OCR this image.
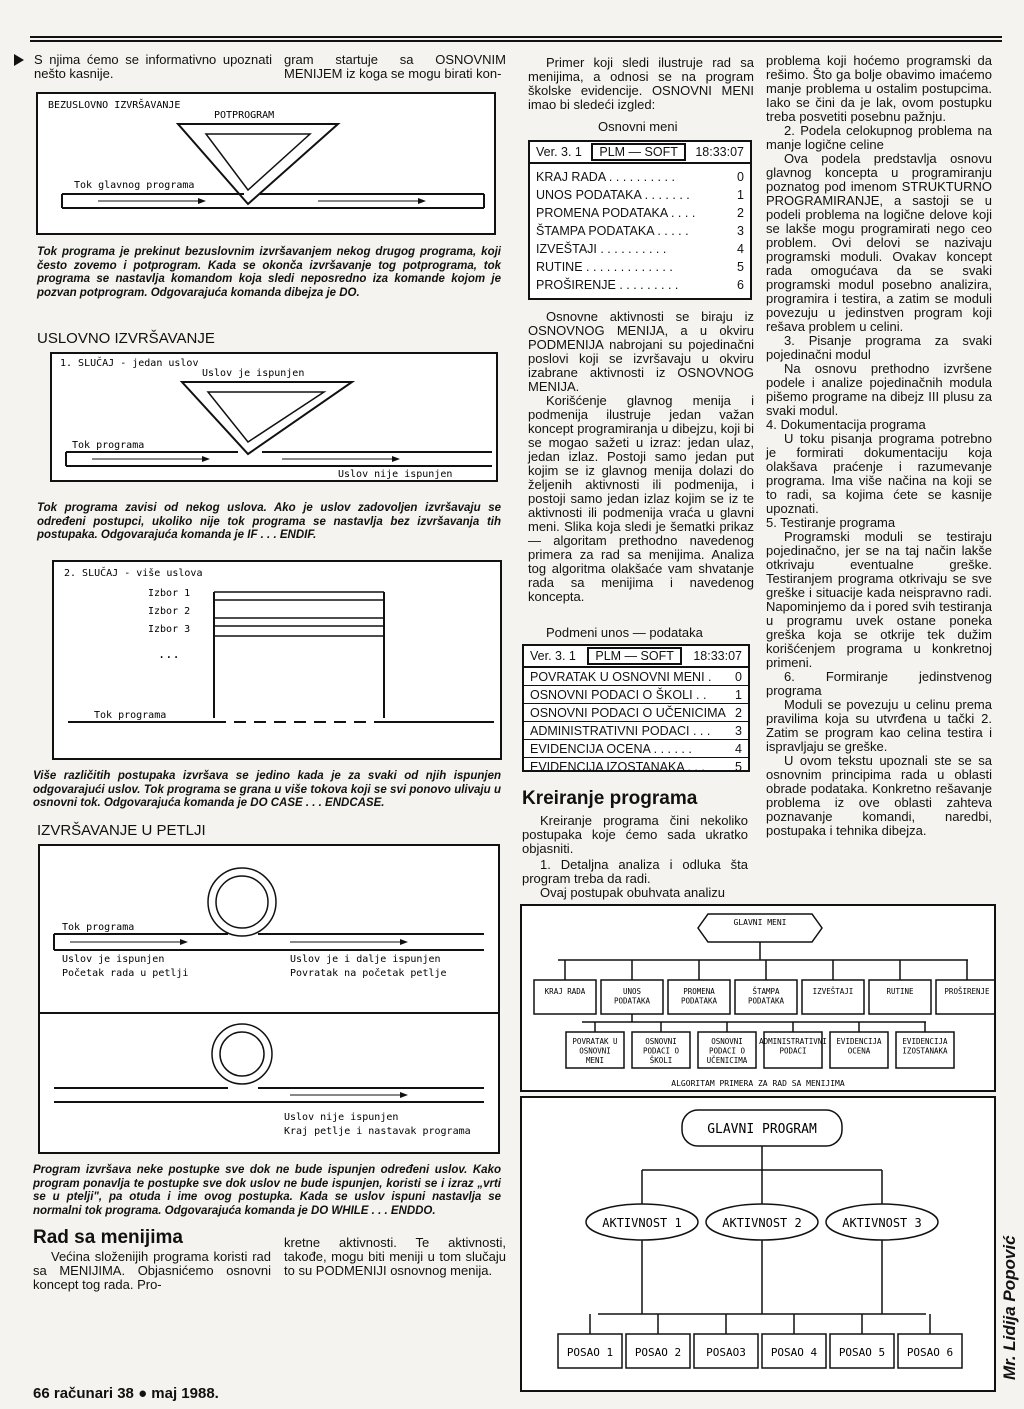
S njima ćemo se informativno upoznati nešto kasnije.
BEZUSLOVNO IZVRŠAVANJE
POTPROGRAM
Tok glavnog programa
Tok programa je prekinut bezuslovnim izvršavanjem nekog drugog programa, koji često zovemo i potprogram. Kada se okonča izvršavanje tog potprograma, tok programa se nastavlja komandom koja sledi neposredno iza komande kojom je pozvan potprogram. Odgovarajuća komanda dibejza je DO.
USLOVNO IZVRŠAVANJE
1. SLUČAJ - jedan uslov
Uslov je ispunjen
Tok programa
Uslov nije ispunjen
Tok programa zavisi od nekog uslova. Ako je uslov zadovoljen izvršavaju se određeni postupci, ukoliko nije tok programa se nastavlja bez izvršavanja tih postupaka. Odgovarajuća komanda je IF . . . ENDIF.
2. SLUČAJ - više uslova
Izbor 1
Izbor 2
Izbor 3
...
Tok programa
Više različitih postupaka izvršava se jedino kada je za svaki od njih ispunjen odgovarajući uslov. Tok programa se grana u više tokova koji se svi ponovo ulivaju u osnovni tok. Odgovarajuća komanda je DO CASE . . . ENDCASE.
IZVRŠAVANJE U PETLJI
Tok programa
Uslov je ispunjen
Početak rada u petlji
Uslov je i dalje ispunjen
Povratak na početak petlje
Uslov nije ispunjen
Kraj petlje i nastavak programa
Program izvršava neke postupke sve dok ne bude ispunjen određeni uslov. Kako program ponavlja te postupke sve dok uslov ne bude ispunjen, koristi se i izraz „vrti se u ptelji", pa otuda i ime ovog postupka. Kada se uslov ispuni nastavlja se normalni tok programa. Odgovarajuća komanda je DO WHILE . . . ENDDO.
Rad sa menijima
Većina složenijih programa koristi rad sa MENIJIMA. Objasnićemo osnovni koncept tog rada. Pro-
66 računari 38 ● maj 1988.
gram startuje sa OSNOVNIM MENIJEM iz koga se mogu birati kon-
kretne aktivnosti. Te aktivnosti, takođe, mogu biti meniji u tom slučaju to su PODMENIJI osnovnog menija.
Primer koji sledi ilustruje rad sa menijima, a odnosi se na program školske evidencije. OSNOVNI MENI imao bi sledeći izgled:
Osnovni meni
Ver. 3. 1	PLM — SOFT	18:33:07
KRAJ RADA . . . . . . . . . .	0
UNOS PODATAKA . . . . . . .	1
PROMENA PODATAKA . . . .	2
ŠTAMPA PODATAKA . . . . .	3
IZVEŠTAJI . . . . . . . . . .	4
RUTINE . . . . . . . . . . . . .	5
PROŠIRENJE . . . . . . . . .	6
Osnovne aktivnosti se biraju iz OSNOVNOG MENIJA, a u okviru PODMENIJA nabrojani su pojedinačni poslovi koji se izvršavaju u okviru izabrane aktivnosti iz OSNOVNOG MENIJA.
Korišćenje glavnog menija i podmenija ilustruje jedan važan koncept programiranja u dibejzu, koji bi se mogao sažeti u izraz: jedan ulaz, jedan izlaz. Postoji samo jedan put kojim se iz glavnog menija dolazi do željenih aktivnosti ili podmenija, i postoji samo jedan izlaz kojim se iz te aktivnosti ili podmenija vraća u glavni meni. Slika koja sledi je šematki prikaz — algoritam prethodno navedenog primera za rad sa menijima. Analiza tog algoritma olakšaće vam shvatanje rada sa menijima i navedenog koncepta.
Podmeni unos — podataka
Ver. 3. 1	PLM — SOFT	18:33:07
POVRATAK U OSNOVNI MENI . 0
OSNOVNI PODACI O ŠKOLI . . 1
OSNOVNI PODACI O UČENICIMA 2
ADMINISTRATIVNI PODACI . . . 3
EVIDENCIJA OCENA . . . . . .	4
EVIDENCIJA IZOSTANAKA . . . 5
Kreiranje programa
Kreiranje programa čini nekoliko postupaka koje ćemo sada ukratko objasniti.
1. Detaljna analiza i odluka šta program treba da radi.
Ovaj postupak obuhvata analizu

problema koji hoćemo programski da rešimo. Što ga bolje obavimo imaćemo manje problema u ostalim postupcima. Iako se čini da je lak, ovom postupku treba posvetiti posebnu pažnju.

2. Podela celokupnog problema na manje logične celine

Ova podela predstavlja osnovu glavnog koncepta u programiranju poznatog pod imenom STRUKTURNO PROGRAMIRANJE, a sastoji se u podeli problema na logične delove koji se lakše mogu programirati nego ceo problem. Ovi delovi se nazivaju programski moduli. Ovakav koncept rada omogućava da se svaki programski modul posebno analizira, programira i testira, a zatim se moduli povezuju u jedinstven program koji rešava problem u celini.

3. Pisanje programa za svaki pojedinačni modul

Na osnovu prethodno izvršene podele i analize pojedinačnih modula pišemo programe na dibejz III plusu za svaki modul.

4. Dokumentacija programa

U toku pisanja programa potrebno je formirati dokumentaciju koja olakšava praćenje i razumevanje programa. Ima više načina na koji se to radi, sa kojima ćete se kasnije upoznati.

5. Testiranje programa

Programski moduli se testiraju pojedinačno, jer se na taj način lakše otkrivaju eventualne greške. Testiranjem programa otkrivaju se sve greške i situacije kada neispravno radi. Napominjemo da i pored svih testiranja u programu uvek ostane poneka greška koja se otkrije tek dužim korišćenjem programa u konkretnoj primeni.

6. Formiranje jedinstvenog programa

Moduli se povezuju u celinu prema pravilima koja su utvrđena u tački 2. Zatim se program kao celina testira i ispravljaju se greške.

U ovom tekstu upoznali ste se sa osnovnim principima rada u oblasti obrade podataka. Konkretno rešavanje problema iz ove oblasti zahteva poznavanje komandi, naredbi, postupaka i tehnika dibejza.

GLAVNI MENI
KRAJ RADA	UNOS
PODATAKA
PROMENA
PODATAKA
ŠTAMPA
PODATAKA
IZVEŠTAJI	RUTINE	PROŠIRENJE
POVRATAK U
OSNOVNI
MENI
OSNOVNI
PODACI O
ŠKOLI
OSNOVNI
PODACI O
UČENICIMA
ADMINISTRATIVNI
PODACI
EVIDENCIJA
OCENA
EVIDENCIJA
IZOSTANAKA
ALGORITAM PRIMERA ZA RAD SA MENIJIMA
GLAVNI PROGRAM
AKTIVNOST 1	AKTIVNOST 2	AKTIVNOST 3
POSAO 1 POSAO 2 POSAO3 POSAO 4 POSAO 5 POSAO 6	Mr. Lidija Popović
